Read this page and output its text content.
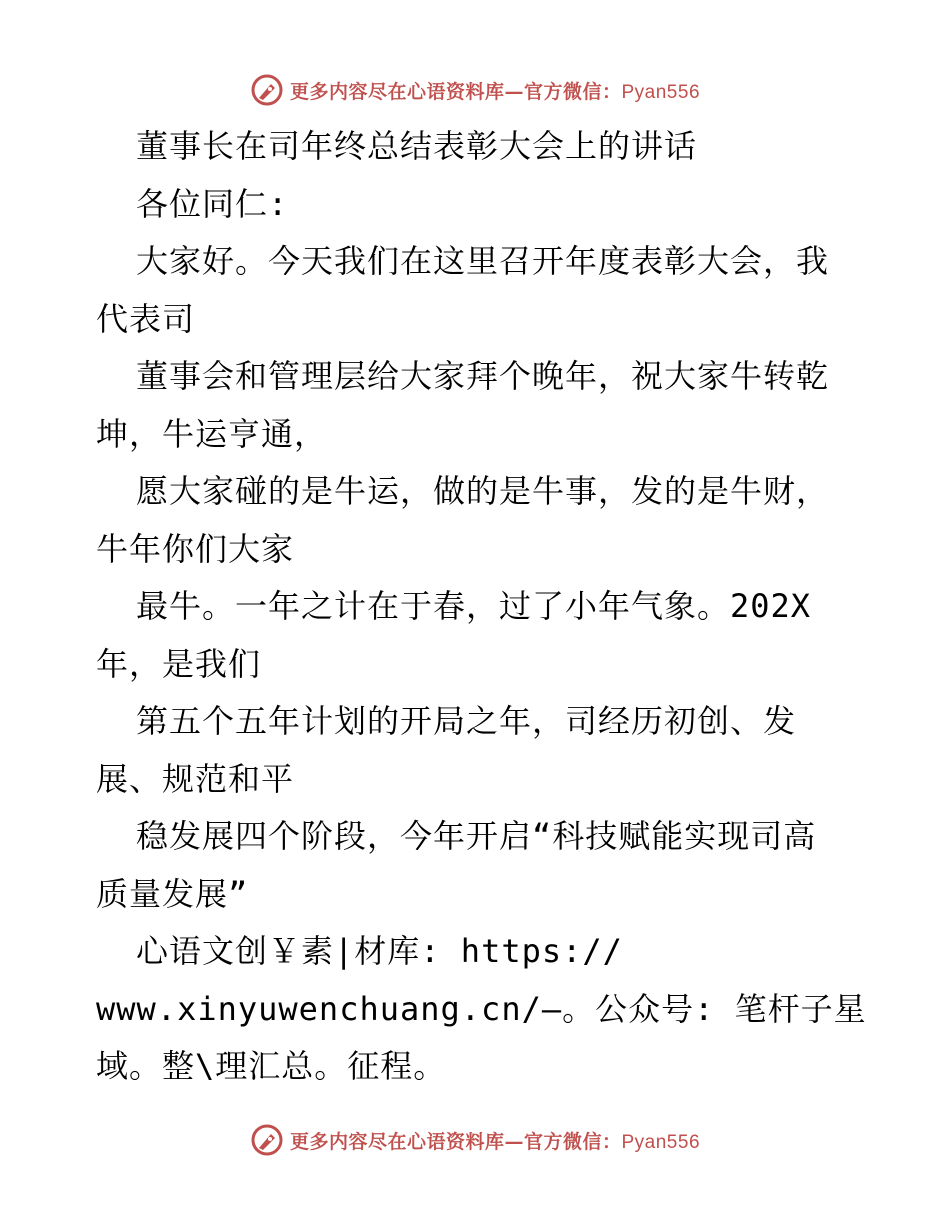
更多内容尽在心语资料库—官方微信：Pyan556
董事长在司年终总结表彰大会上的讲话
各位同仁:
大家好。今天我们在这里召开年度表彰大会，我
代表司
董事会和管理层给大家拜个晚年，祝大家牛转乾
坤，牛运亨通，
愿大家碰的是牛运，做的是牛事，发的是牛财，
牛年你们大家
最牛。一年之计在于春，过了小年气象。202X
年，是我们
第五个五年计划的开局之年，司经历初创、发
展、规范和平
稳发展四个阶段，今年开启“科技赋能实现司高
质量发展”
心语文创￥素|材库: https://
www.xinyuwenchuang.cn/—。公众号: 笔杆子星
域。整\理汇总。征程。
更多内容尽在心语资料库—官方微信：Pyan556
